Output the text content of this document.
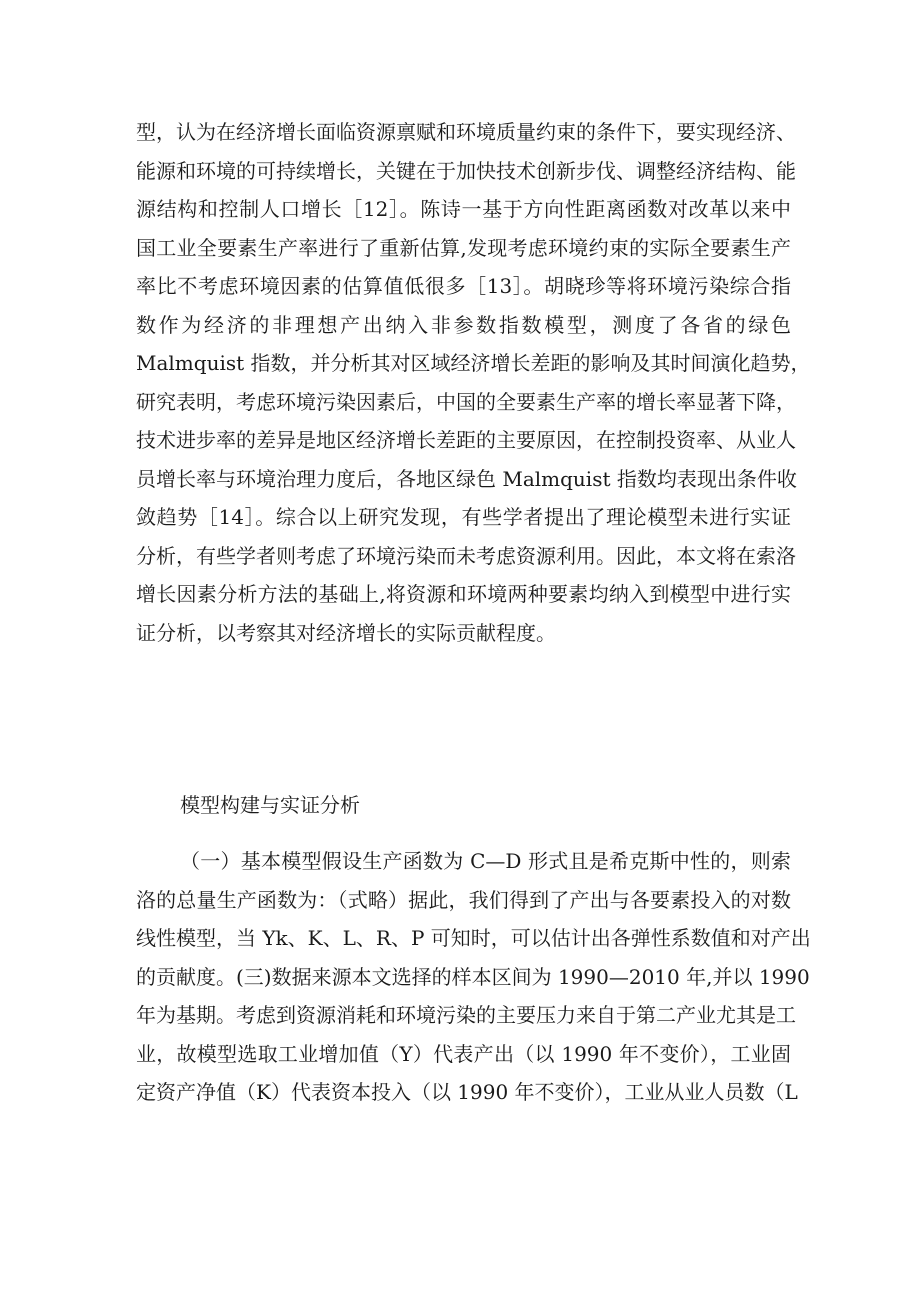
型，认为在经济增长面临资源禀赋和环境质量约束的条件下，要实现经济、
能源和环境的可持续增长，关键在于加快技术创新步伐、调整经济结构、能
源结构和控制人口增长［12］。陈诗一基于方向性距离函数对改革以来中
国工业全要素生产率进行了重新估算,发现考虑环境约束的实际全要素生产
率比不考虑环境因素的估算值低很多［13］。胡晓珍等将环境污染综合指
数作为经济的非理想产出纳入非参数指数模型，测度了各省的绿色
Malmquist 指数，并分析其对区域经济增长差距的影响及其时间演化趋势，
研究表明，考虑环境污染因素后，中国的全要素生产率的增长率显著下降，
技术进步率的差异是地区经济增长差距的主要原因，在控制投资率、从业人
员增长率与环境治理力度后，各地区绿色 Malmquist 指数均表现出条件收
敛趋势［14］。综合以上研究发现，有些学者提出了理论模型未进行实证
分析，有些学者则考虑了环境污染而未考虑资源利用。因此，本文将在索洛
增长因素分析方法的基础上,将资源和环境两种要素均纳入到模型中进行实
证分析，以考察其对经济增长的实际贡献程度。
模型构建与实证分析
（一）基本模型假设生产函数为 C—D 形式且是希克斯中性的，则索
洛的总量生产函数为：（式略）据此，我们得到了产出与各要素投入的对数
线性模型，当 Yk、K、L、R、P 可知时，可以估计出各弹性系数值和对产出
的贡献度。(三)数据来源本文选择的样本区间为 1990—2010 年,并以 1990
年为基期。考虑到资源消耗和环境污染的主要压力来自于第二产业尤其是工
业，故模型选取工业增加值（Y）代表产出（以 1990 年不变价），工业固
定资产净值（K）代表资本投入（以 1990 年不变价），工业从业人员数（L
